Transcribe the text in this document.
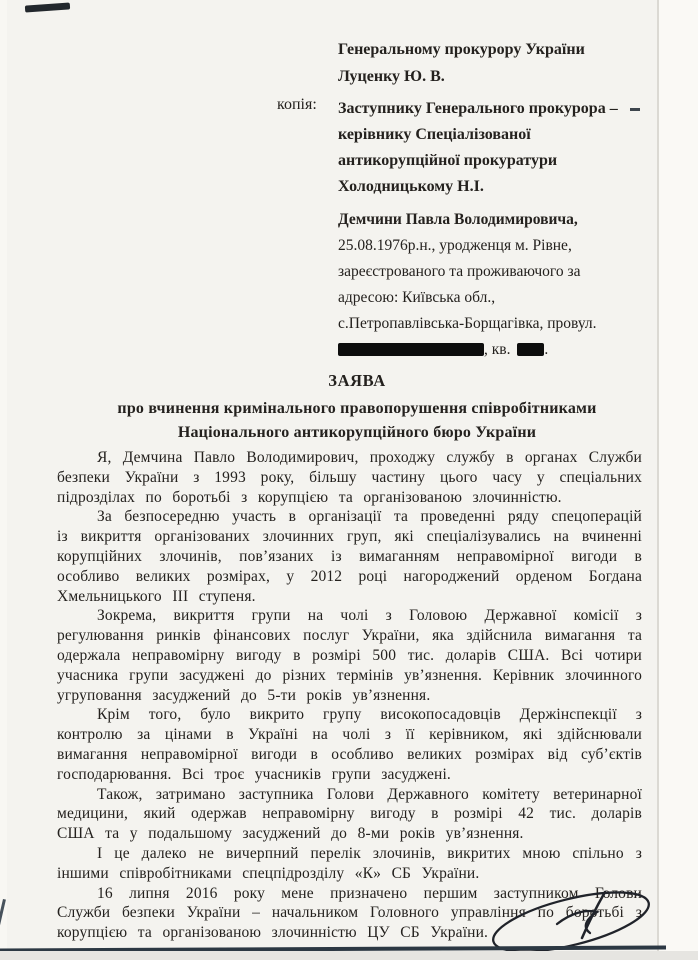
Генеральному прокурору України
Луценку Ю. В.
копія:	Заступнику Генерального прокурора –
керівнику Спеціалізованої
антикорупційної прокуратури
Холодницькому Н.І.
Демчини Павла Володимировича,
25.08.1976р.н., уродженця м. Рівне,
зареєстрованого та проживаючого за
адресою: Київська обл.,
с.Петропавлівська-Борщагівка, провул.
, кв. .
ЗАЯВА
про вчинення кримінального правопорушення співробітниками
Національного антикорупційного бюро України

Я, Демчина Павло Володимирович, проходжу службу в органах Служби безпеки України з 1993 року, більшу частину цього часу у спеціальних підрозділах по боротьбі з корупцією та організованою злочинністю.

За безпосередню участь в організації та проведенні ряду спецоперацій із викриття організованих злочинних груп, які спеціалізувались на вчиненні корупційних злочинів, пов’язаних із вимаганням неправомірної вигоди в особливо великих розмірах, у 2012 році нагороджений орденом Богдана Хмельницького III ступеня.

Зокрема, викриття групи на чолі з Головою Державної комісії з регулювання ринків фінансових послуг України, яка здійснила вимагання та одержала неправомірну вигоду в розмірі 500 тис. доларів США. Всі чотири учасника групи засуджені до різних термінів ув’язнення. Керівник злочинного угруповання засуджений до 5-ти років ув’язнення.

Крім того, було викрито групу високопосадовців Держінспекції з контролю за цінами в Україні на чолі з її керівником, які здійснювали вимагання неправомірної вигоди в особливо великих розмірах від суб’єктів господарювання. Всі троє учасників групи засуджені.

Також, затримано заступника Голови Державного комітету ветеринарної медицини, який одержав неправомірну вигоду в розмірі 42 тис. доларів США та у подальшому засуджений до 8-ми років ув’язнення.

І це далеко не вичерпний перелік злочинів, викритих мною спільно з іншими співробітниками спецпідрозділу «К» СБ України.

16 липня 2016 року мене призначено першим заступником Голови Служби безпеки України – начальником Головного управління по боротьбі з корупцією та організованою злочинністю ЦУ СБ України.
